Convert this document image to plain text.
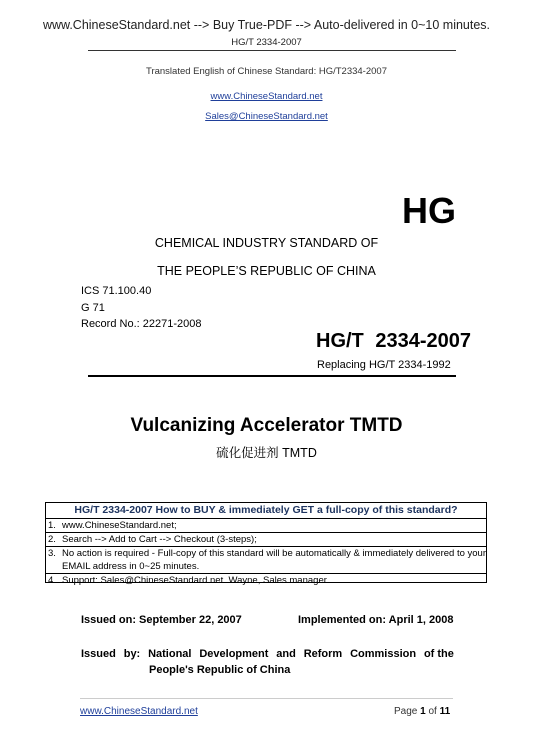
www.ChineseStandard.net --> Buy True-PDF --> Auto-delivered in 0~10 minutes.
HG/T 2334-2007
Translated English of Chinese Standard: HG/T2334-2007
www.ChineseStandard.net
Sales@ChineseStandard.net
HG
CHEMICAL INDUSTRY STANDARD OF
THE PEOPLE’S REPUBLIC OF CHINA
ICS 71.100.40
G 71
Record No.: 22271-2008
HG/T 2334-2007
Replacing HG/T 2334-1992
Vulcanizing Accelerator TMTD
硫化促进剂 TMTD
HG/T 2334-2007 How to BUY & immediately GET a full-copy of this standard?
1. www.ChineseStandard.net;
2. Search --> Add to Cart --> Checkout (3-steps);
3. No action is required - Full-copy of this standard will be automatically & immediately delivered to your EMAIL address in 0~25 minutes.
4. Support: Sales@ChineseStandard.net. Wayne, Sales manager
Issued on: September 22, 2007	Implemented on: April 1, 2008
Issued by: National Development and Reform Commission of the
People's Republic of China
www.ChineseStandard.net	Page 1 of 11
